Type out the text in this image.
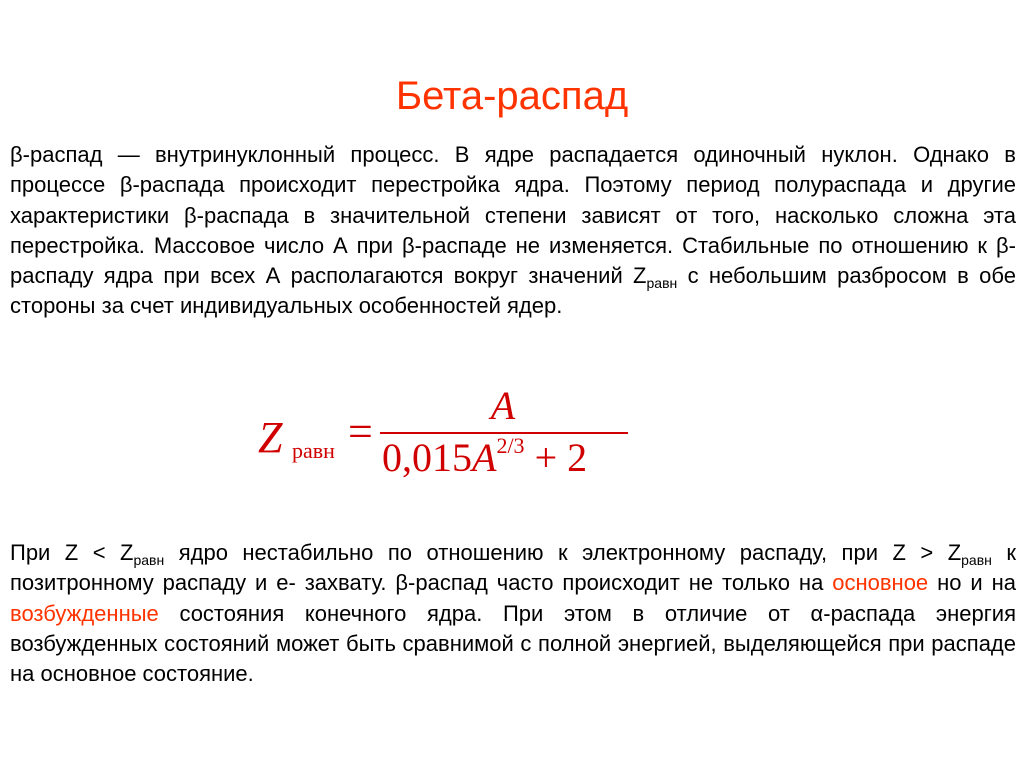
Бета-распад

β-распад — внутринуклонный процесс. В ядре распадается одиночный нуклон. Однако в процессе β-распада происходит перестройка ядра. Поэтому период полураспада и другие характеристики β-распада в значительной степени зависят от того, насколько сложна эта перестройка. Массовое число А при β-распаде не изменяется. Стабильные по отношению к β-распаду ядра при всех А располагаются вокруг значений $Z_{равн}$ с небольшим разбросом в обе стороны за счет индивидуальных особенностей ядер.

Z равн =
A
$0,015A^{2/3} + 2$

При $Z < Z_{равн}$ ядро нестабильно по отношению к электронному распаду, при $Z > Z_{равн}$ к позитронному распаду и е- захвату. β-распад часто происходит не только на основное но и на возбужденные состояния конечного ядра. При этом в отличие от α-распада энергия возбужденных состояний может быть сравнимой с полной энергией, выделяющейся при распаде на основное состояние.
